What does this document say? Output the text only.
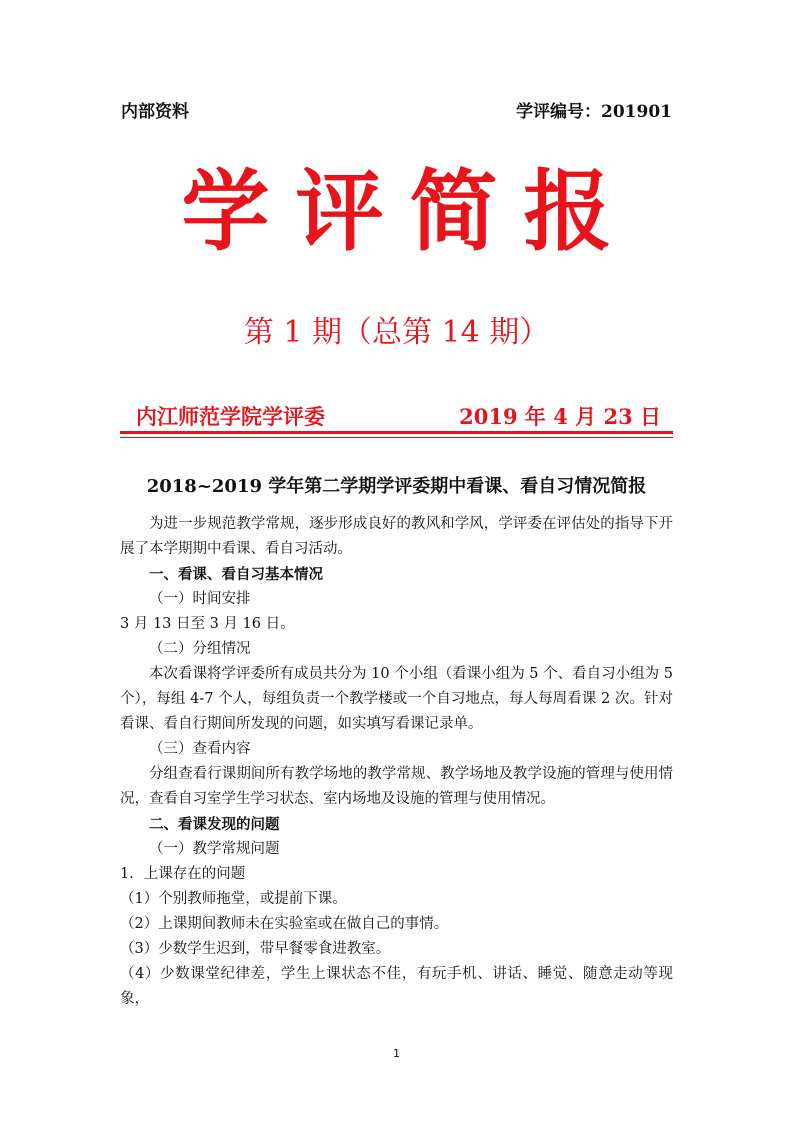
内部资料	学评编号：201901
学评简报
第 1 期（总第 14 期）
内江师范学院学评委	2019 年 4 月 23 日
2018~2019 学年第二学期学评委期中看课、看自习情况简报

为进一步规范教学常规，逐步形成良好的教风和学风，学评委在评估处的指导下开展了本学期期中看课、看自习活动。

一、看课、看自习基本情况

（一）时间安排

3 月 13 日至 3 月 16 日。

（二）分组情况

本次看课将学评委所有成员共分为 10 个小组（看课小组为 5 个、看自习小组为 5 个），每组 4-7 个人，每组负责一个教学楼或一个自习地点，每人每周看课 2 次。针对看课、看自行期间所发现的问题，如实填写看课记录单。

（三）查看内容

分组查看行课期间所有教学场地的教学常规、教学场地及教学设施的管理与使用情况，查看自习室学生学习状态、室内场地及设施的管理与使用情况。

二、看课发现的问题

（一）教学常规问题

1．上课存在的问题

（1）个别教师拖堂，或提前下课。

（2）上课期间教师未在实验室或在做自己的事情。

（3）少数学生迟到，带早餐零食进教室。

（4）少数课堂纪律差，学生上课状态不佳，有玩手机、讲话、睡觉、随意走动等现象，

1
